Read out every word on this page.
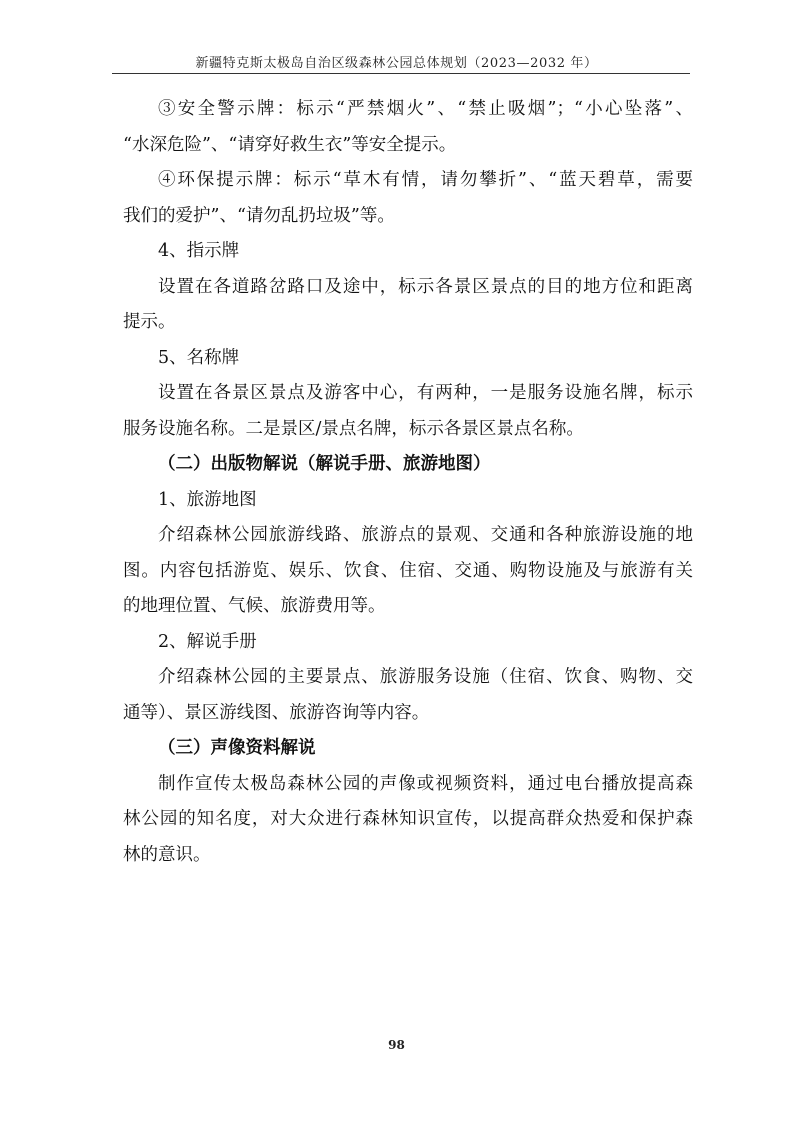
新疆特克斯太极岛自治区级森林公园总体规划（2023—2032 年）

③安全警示牌：标示“严禁烟火”、“禁止吸烟”；“小心坠落”、

“水深危险”、“请穿好救生衣”等安全提示。

④环保提示牌：标示“草木有情，请勿攀折”、“蓝天碧草，需要

我们的爱护”、“请勿乱扔垃圾”等。

4、指示牌

设置在各道路岔路口及途中，标示各景区景点的目的地方位和距离

提示。

5、名称牌

设置在各景区景点及游客中心，有两种，一是服务设施名牌，标示

服务设施名称。二是景区/景点名牌，标示各景区景点名称。

（二）出版物解说（解说手册、旅游地图）

1、旅游地图

介绍森林公园旅游线路、旅游点的景观、交通和各种旅游设施的地

图。内容包括游览、娱乐、饮食、住宿、交通、购物设施及与旅游有关

的地理位置、气候、旅游费用等。

2、解说手册

介绍森林公园的主要景点、旅游服务设施（住宿、饮食、购物、交

通等）、景区游线图、旅游咨询等内容。

（三）声像资料解说

制作宣传太极岛森林公园的声像或视频资料，通过电台播放提高森

林公园的知名度，对大众进行森林知识宣传，以提高群众热爱和保护森

林的意识。

98
